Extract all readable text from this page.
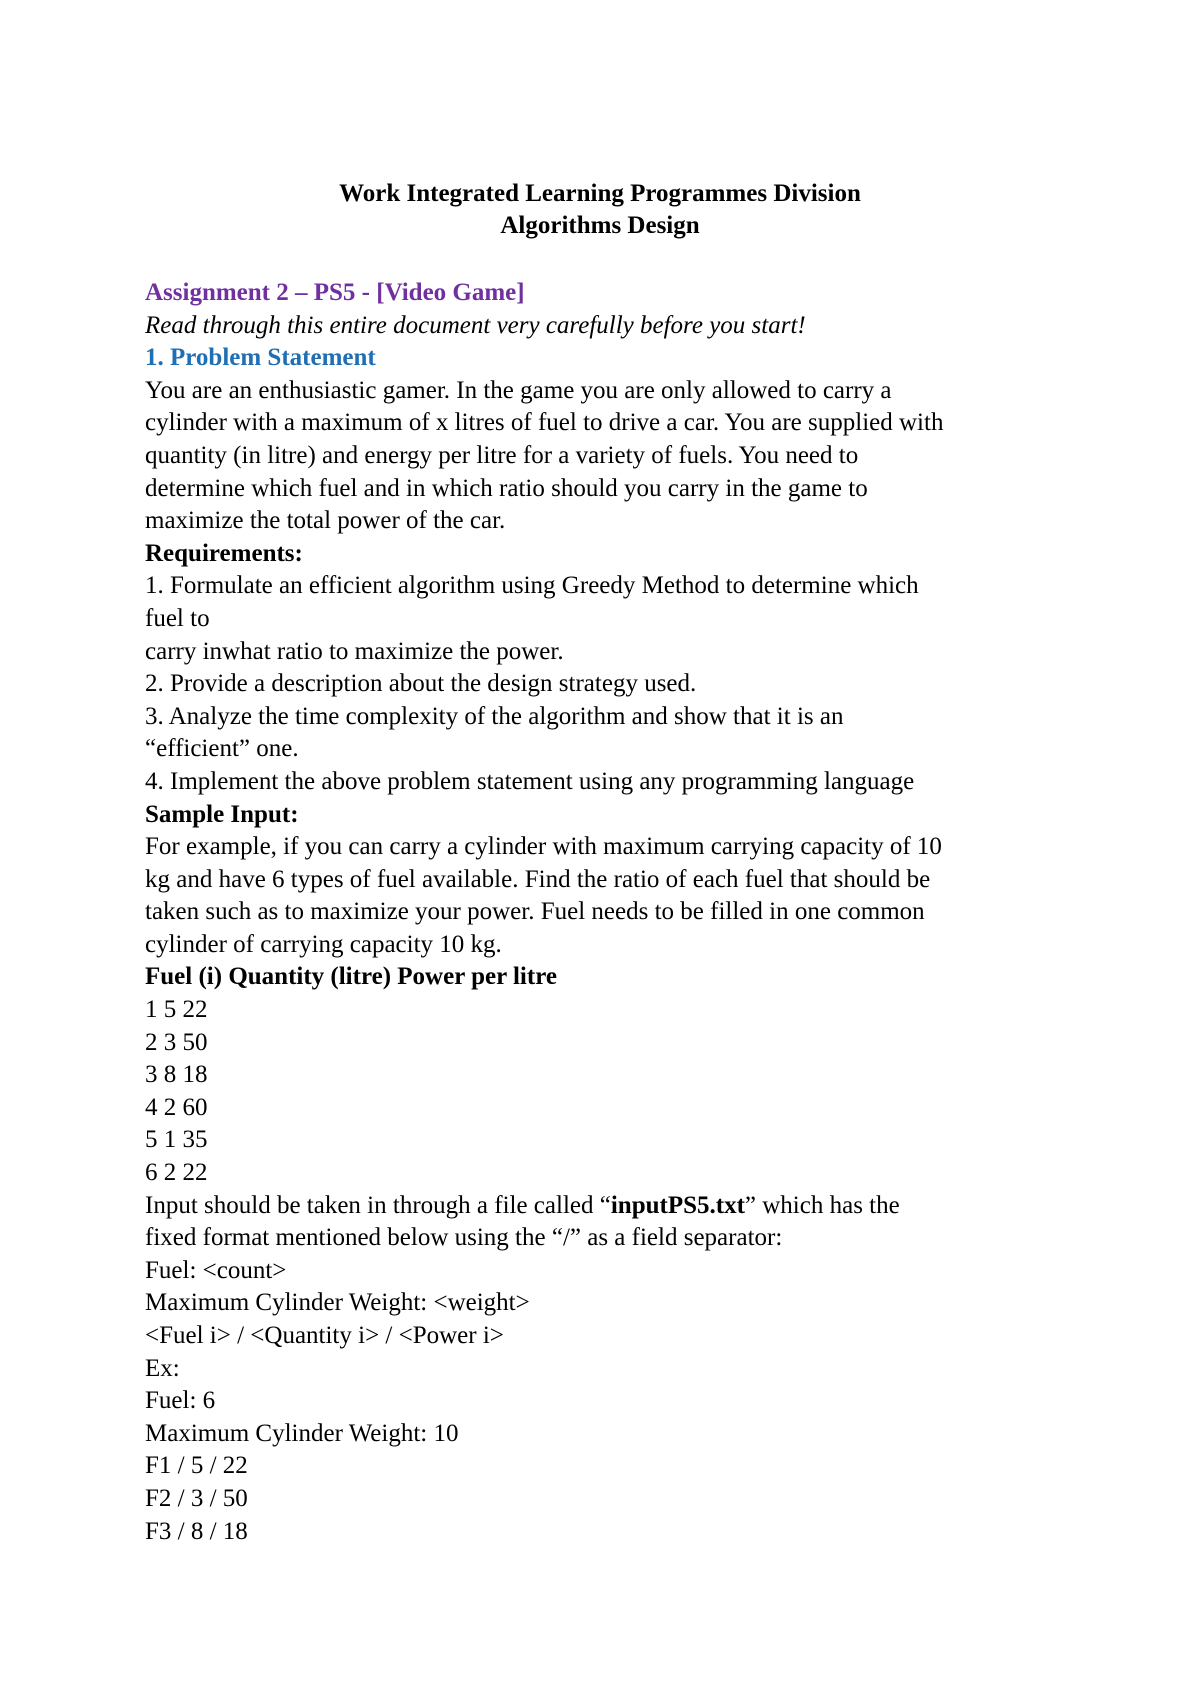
Work Integrated Learning Programmes Division

Algorithms Design

Assignment 2 – PS5 - [Video Game]

Read through this entire document very carefully before you start!

1. Problem Statement

You are an enthusiastic gamer. In the game you are only allowed to carry a

cylinder with a maximum of x litres of fuel to drive a car. You are supplied with

quantity (in litre) and energy per litre for a variety of fuels. You need to

determine which fuel and in which ratio should you carry in the game to

maximize the total power of the car.

Requirements:

1. Formulate an efficient algorithm using Greedy Method to determine which

fuel to

carry inwhat ratio to maximize the power.

2. Provide a description about the design strategy used.

3. Analyze the time complexity of the algorithm and show that it is an

“efficient” one.

4. Implement the above problem statement using any programming language

Sample Input:

For example, if you can carry a cylinder with maximum carrying capacity of 10

kg and have 6 types of fuel available. Find the ratio of each fuel that should be

taken such as to maximize your power. Fuel needs to be filled in one common

cylinder of carrying capacity 10 kg.

Fuel (i) Quantity (litre) Power per litre

1 5 22

2 3 50

3 8 18

4 2 60

5 1 35

6 2 22

Input should be taken in through a file called “inputPS5.txt” which has the

fixed format mentioned below using the “/” as a field separator:

Fuel: <count>

Maximum Cylinder Weight: <weight>

<Fuel i> / <Quantity i> / <Power i>

Ex:

Fuel: 6

Maximum Cylinder Weight: 10

F1 / 5 / 22

F2 / 3 / 50

F3 / 8 / 18
